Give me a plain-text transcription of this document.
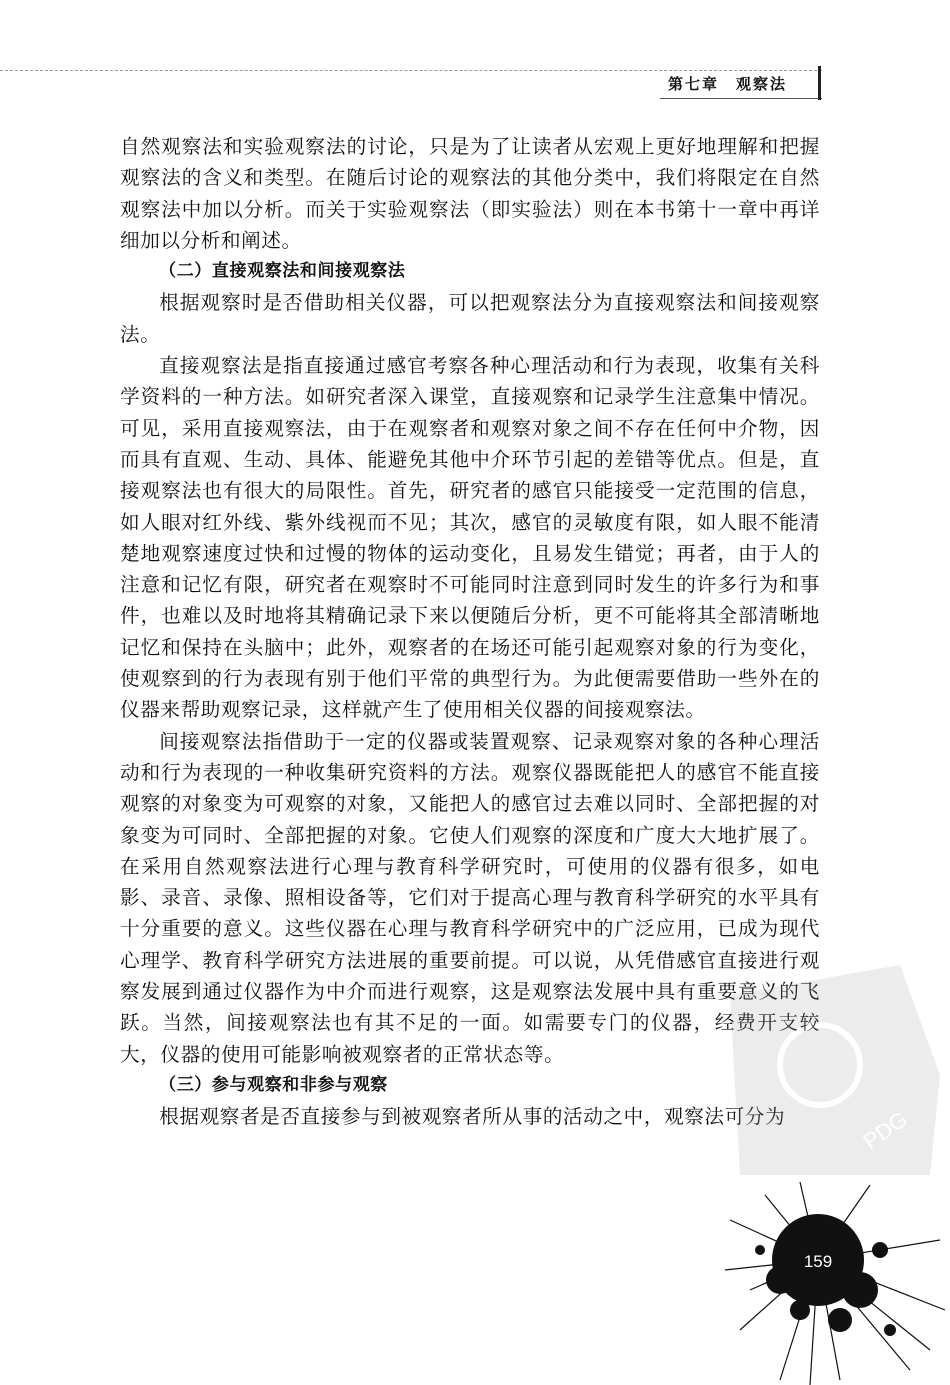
第七章　观察法

自然观察法和实验观察法的讨论，只是为了让读者从宏观上更好地理解和把握观察法的含义和类型。在随后讨论的观察法的其他分类中，我们将限定在自然观察法中加以分析。而关于实验观察法（即实验法）则在本书第十一章中再详细加以分析和阐述。

（二）直接观察法和间接观察法

根据观察时是否借助相关仪器，可以把观察法分为直接观察法和间接观察法。

直接观察法是指直接通过感官考察各种心理活动和行为表现，收集有关科学资料的一种方法。如研究者深入课堂，直接观察和记录学生注意集中情况。可见，采用直接观察法，由于在观察者和观察对象之间不存在任何中介物，因而具有直观、生动、具体、能避免其他中介环节引起的差错等优点。但是，直接观察法也有很大的局限性。首先，研究者的感官只能接受一定范围的信息，如人眼对红外线、紫外线视而不见；其次，感官的灵敏度有限，如人眼不能清楚地观察速度过快和过慢的物体的运动变化，且易发生错觉；再者，由于人的注意和记忆有限，研究者在观察时不可能同时注意到同时发生的许多行为和事件，也难以及时地将其精确记录下来以便随后分析，更不可能将其全部清晰地记忆和保持在头脑中；此外，观察者的在场还可能引起观察对象的行为变化，使观察到的行为表现有别于他们平常的典型行为。为此便需要借助一些外在的仪器来帮助观察记录，这样就产生了使用相关仪器的间接观察法。

间接观察法指借助于一定的仪器或装置观察、记录观察对象的各种心理活动和行为表现的一种收集研究资料的方法。观察仪器既能把人的感官不能直接观察的对象变为可观察的对象，又能把人的感官过去难以同时、全部把握的对象变为可同时、全部把握的对象。它使人们观察的深度和广度大大地扩展了。在采用自然观察法进行心理与教育科学研究时，可使用的仪器有很多，如电影、录音、录像、照相设备等，它们对于提高心理与教育科学研究的水平具有十分重要的意义。这些仪器在心理与教育科学研究中的广泛应用，已成为现代心理学、教育科学研究方法进展的重要前提。可以说，从凭借感官直接进行观察发展到通过仪器作为中介而进行观察，这是观察法发展中具有重要意义的飞跃。当然，间接观察法也有其不足的一面。如需要专门的仪器，经费开支较大，仪器的使用可能影响被观察者的正常状态等。

（三）参与观察和非参与观察

根据观察者是否直接参与到被观察者所从事的活动之中，观察法可分为	PDG
159
